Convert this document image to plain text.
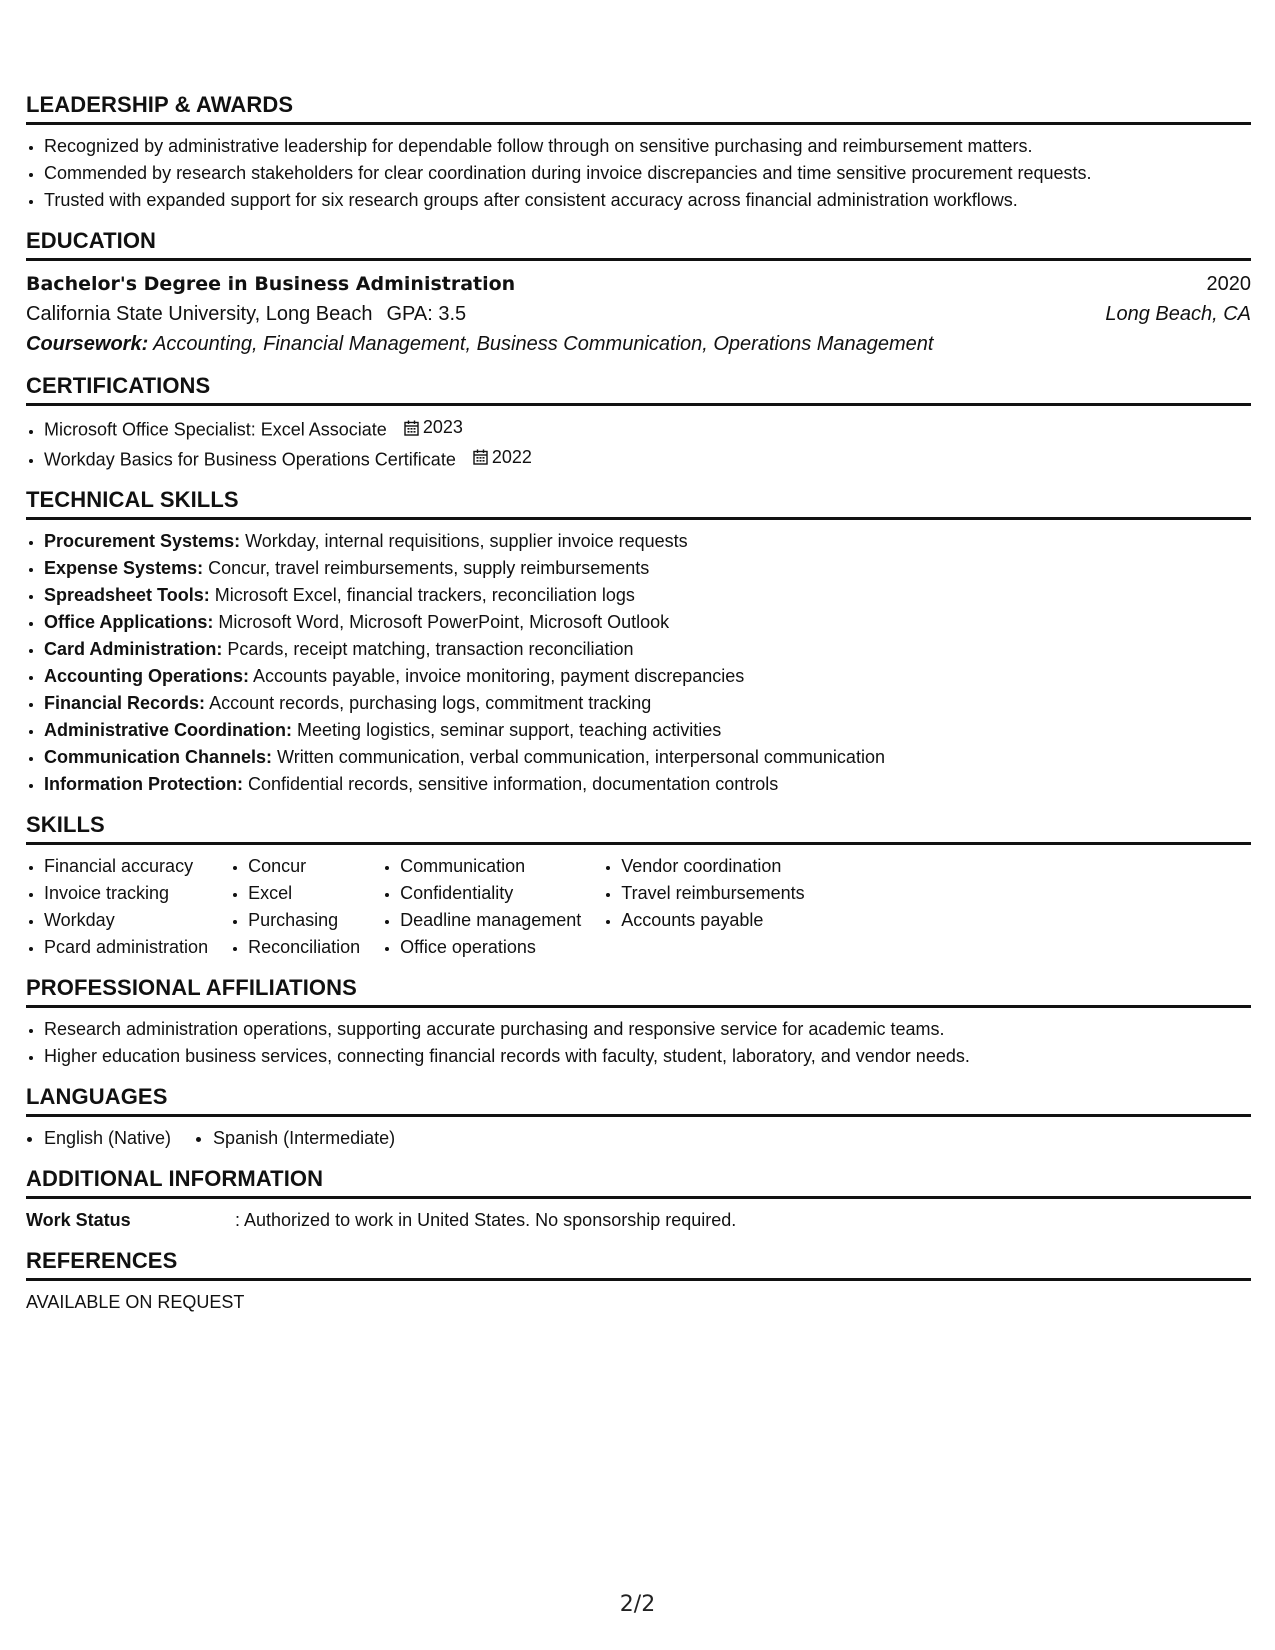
LEADERSHIP & AWARDS
• Recognized by administrative leadership for dependable follow through on sensitive purchasing and reimbursement matters.
• Commended by research stakeholders for clear coordination during invoice discrepancies and time sensitive procurement requests.
• Trusted with expanded support for six research groups after consistent accuracy across financial administration workflows.
EDUCATION
Bachelor's Degree in Business Administration	2020
California State University, Long Beach GPA: 3.5	Long Beach, CA
Coursework: Accounting, Financial Management, Business Communication, Operations Management
CERTIFICATIONS
• Microsoft Office Specialist: Excel Associate 2023
• Workday Basics for Business Operations Certificate 2022
TECHNICAL SKILLS
• Procurement Systems: Workday, internal requisitions, supplier invoice requests
• Expense Systems: Concur, travel reimbursements, supply reimbursements
• Spreadsheet Tools: Microsoft Excel, financial trackers, reconciliation logs
• Office Applications: Microsoft Word, Microsoft PowerPoint, Microsoft Outlook
• Card Administration: Pcards, receipt matching, transaction reconciliation
• Accounting Operations: Accounts payable, invoice monitoring, payment discrepancies
• Financial Records: Account records, purchasing logs, commitment tracking
• Administrative Coordination: Meeting logistics, seminar support, teaching activities
• Communication Channels: Written communication, verbal communication, interpersonal communication
• Information Protection: Confidential records, sensitive information, documentation controls
SKILLS
• Financial accuracy
• Invoice tracking
• Workday
• Pcard administration
• Concur
• Excel
• Purchasing
• Reconciliation
• Communication
• Confidentiality
• Deadline management
• Office operations
• Vendor coordination
• Travel reimbursements
• Accounts payable
PROFESSIONAL AFFILIATIONS
• Research administration operations, supporting accurate purchasing and responsive service for academic teams.
• Higher education business services, connecting financial records with faculty, student, laboratory, and vendor needs.
LANGUAGES
• English (Native)
• Spanish (Intermediate)
ADDITIONAL INFORMATION
Work Status	: Authorized to work in United States. No sponsorship required.
REFERENCES
AVAILABLE ON REQUEST
2/2
